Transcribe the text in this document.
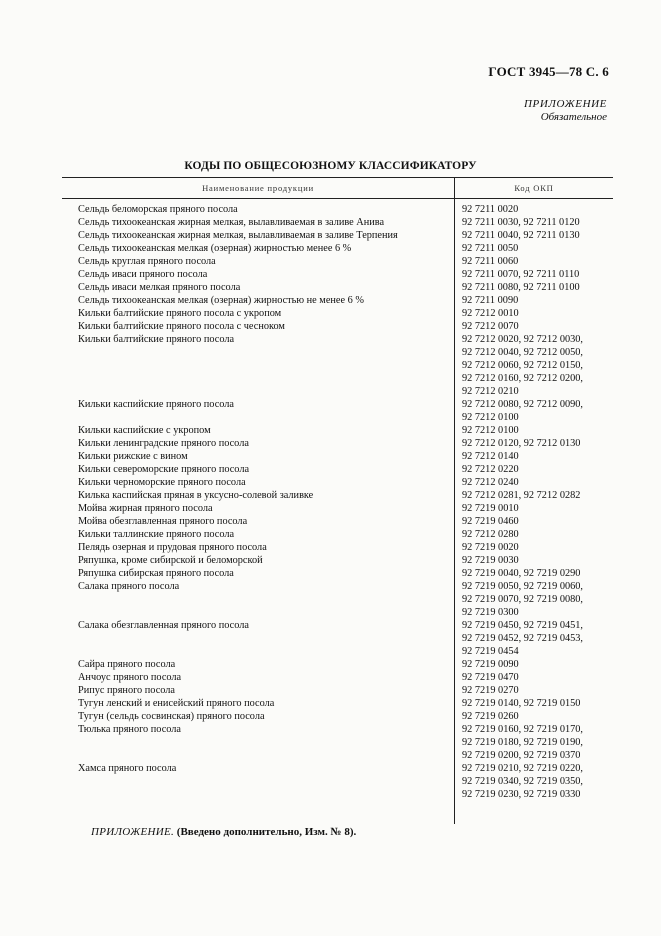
ГОСТ 3945—78 С. 6
ПРИЛОЖЕНИЕ
Обязательное
КОДЫ ПО ОБЩЕСОЮЗНОМУ КЛАССИФИКАТОРУ
Наименование продукции	Код ОКП
Сельдь беломорская пряного посола	92 7211 0020
Сельдь тихоокеанская жирная мелкая, вылавливаемая в заливе Анива	92 7211 0030, 92 7211 0120
Сельдь тихоокеанская жирная мелкая, вылавливаемая в заливе Терпения	92 7211 0040, 92 7211 0130
Сельдь тихоокеанская мелкая (озерная) жирностью менее 6 %	92 7211 0050
Сельдь круглая пряного посола	92 7211 0060
Сельдь иваси пряного посола	92 7211 0070, 92 7211 0110
Сельдь иваси мелкая пряного посола	92 7211 0080, 92 7211 0100
Сельдь тихоокеанская мелкая (озерная) жирностью не менее 6 %	92 7211 0090
Кильки балтийские пряного посола с укропом	92 7212 0010
Кильки балтийские пряного посола с чесноком	92 7212 0070
Кильки балтийские пряного посола	92 7212 0020, 92 7212 0030,
92 7212 0040, 92 7212 0050,
92 7212 0060, 92 7212 0150,
92 7212 0160, 92 7212 0200,
92 7212 0210
Кильки каспийские пряного посола	92 7212 0080, 92 7212 0090,
92 7212 0100
Кильки каспийские с укропом	92 7212 0100
Кильки ленинградские пряного посола	92 7212 0120, 92 7212 0130
Кильки рижские с вином	92 7212 0140
Кильки североморские пряного посола	92 7212 0220
Кильки черноморские пряного посола	92 7212 0240
Килька каспийская пряная в уксусно-солевой заливке	92 7212 0281, 92 7212 0282
Мойва жирная пряного посола	92 7219 0010
Мойва обезглавленная пряного посола	92 7219 0460
Кильки таллинские пряного посола	92 7212 0280
Пелядь озерная и прудовая пряного посола	92 7219 0020
Ряпушка, кроме сибирской и беломорской	92 7219 0030
Ряпушка сибирская пряного посола	92 7219 0040, 92 7219 0290
Салака пряного посола	92 7219 0050, 92 7219 0060,
92 7219 0070, 92 7219 0080,
92 7219 0300
Салака обезглавленная пряного посола	92 7219 0450, 92 7219 0451,
92 7219 0452, 92 7219 0453,
92 7219 0454
Сайра пряного посола	92 7219 0090
Анчоус пряного посола	92 7219 0470
Рипус пряного посола	92 7219 0270
Тугун ленский и енисейский пряного посола	92 7219 0140, 92 7219 0150
Тугун (сельдь сосвинская) пряного посола	92 7219 0260
Тюлька пряного посола	92 7219 0160, 92 7219 0170,
92 7219 0180, 92 7219 0190,
92 7219 0200, 92 7219 0370
Хамса пряного посола	92 7219 0210, 92 7219 0220,
92 7219 0340, 92 7219 0350,
92 7219 0230, 92 7219 0330
ПРИЛОЖЕНИЕ. (Введено дополнительно, Изм. № 8).
